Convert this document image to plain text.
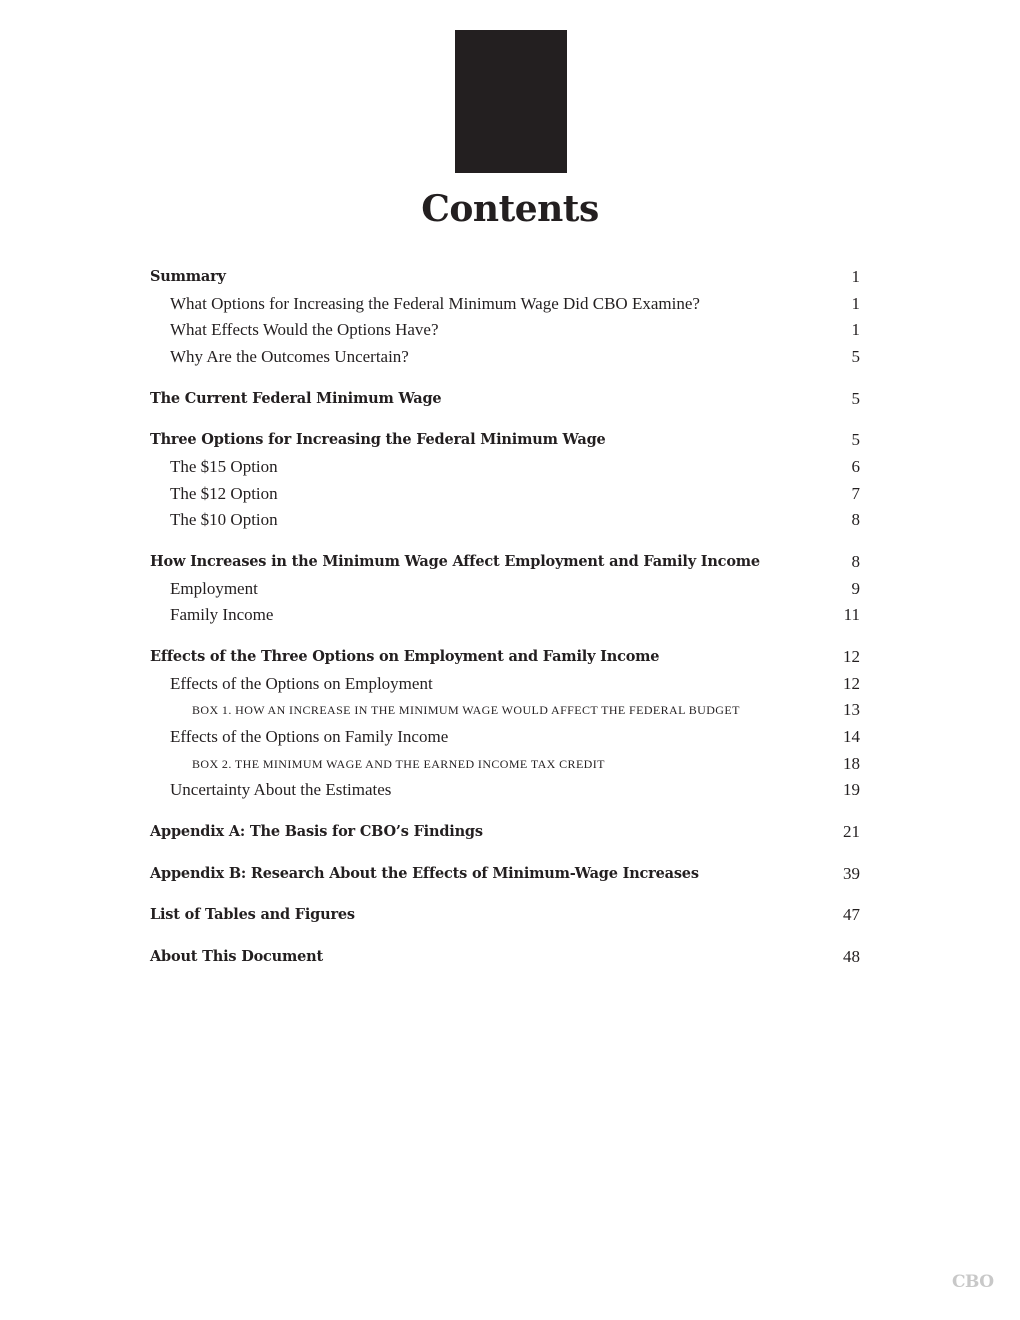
Contents
Summary	1
What Options for Increasing the Federal Minimum Wage Did CBO Examine?	1
What Effects Would the Options Have?	1
Why Are the Outcomes Uncertain?	5
The Current Federal Minimum Wage	5
Three Options for Increasing the Federal Minimum Wage	5
The $15 Option	6
The $12 Option	7
The $10 Option	8
How Increases in the Minimum Wage Affect Employment and Family Income	8
Employment	9
Family Income	11
Effects of the Three Options on Employment and Family Income	12
Effects of the Options on Employment	12
BOX 1. HOW AN INCREASE IN THE MINIMUM WAGE WOULD AFFECT THE FEDERAL BUDGET	13
Effects of the Options on Family Income	14
BOX 2. THE MINIMUM WAGE AND THE EARNED INCOME TAX CREDIT	18
Uncertainty About the Estimates	19
Appendix A: The Basis for CBO’s Findings	21
Appendix B: Research About the Effects of Minimum-Wage Increases	39
List of Tables and Figures	47
About This Document	48
CBO
